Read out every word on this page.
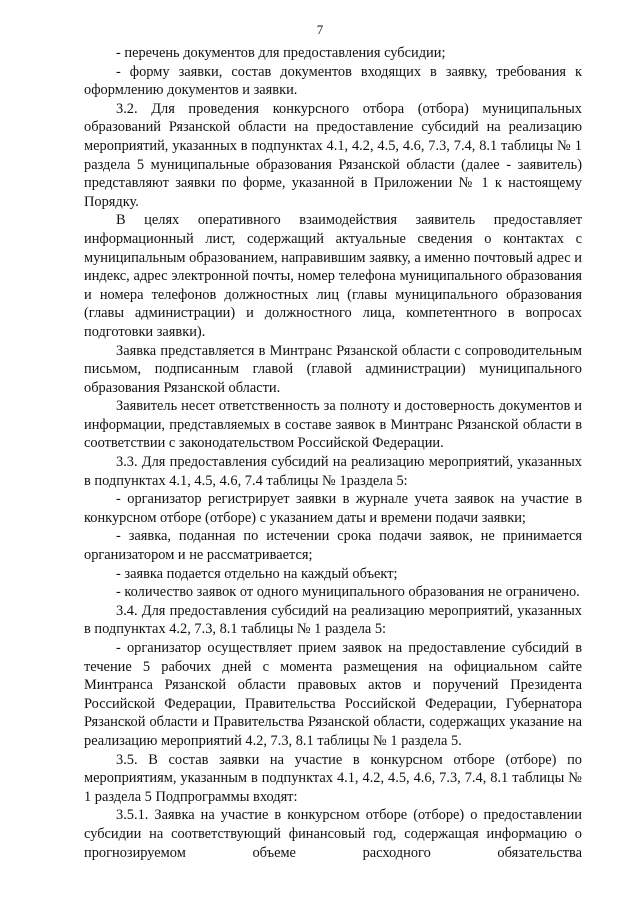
7

- перечень документов для предоставления субсидии;

- форму заявки, состав документов входящих в заявку, требования к оформлению документов и заявки.

3.2. Для проведения конкурсного отбора (отбора) муниципальных образований Рязанской области на предоставление субсидий на реализацию мероприятий, указанных в подпунктах 4.1, 4.2, 4.5, 4.6, 7.3, 7.4, 8.1 таблицы № 1 раздела 5 муниципальные образования Рязанской области (далее - заявитель) представляют заявки по форме, указанной в Приложении № 1 к настоящему Порядку.

В целях оперативного взаимодействия заявитель предоставляет информационный лист, содержащий актуальные сведения о контактах с муниципальным образованием, направившим заявку, а именно почтовый адрес и индекс, адрес электронной почты, номер телефона муниципального образования и номера телефонов должностных лиц (главы муниципального образования (главы администрации) и должностного лица, компетентного в вопросах подготовки заявки).

Заявка представляется в Минтранс Рязанской области с сопроводительным письмом, подписанным главой (главой администрации) муниципального образования Рязанской области.

Заявитель несет ответственность за полноту и достоверность документов и информации, представляемых в составе заявок в Минтранс Рязанской области в соответствии с законодательством Российской Федерации.

3.3. Для предоставления субсидий на реализацию мероприятий, указанных в подпунктах 4.1, 4.5, 4.6, 7.4 таблицы № 1раздела 5:

- организатор регистрирует заявки в журнале учета заявок на участие в конкурсном отборе (отборе) с указанием даты и времени подачи заявки;

- заявка, поданная по истечении срока подачи заявок, не принимается организатором и не рассматривается;

- заявка подается отдельно на каждый объект;

- количество заявок от одного муниципального образования не ограничено.

3.4. Для предоставления субсидий на реализацию мероприятий, указанных в подпунктах 4.2, 7.3, 8.1 таблицы № 1 раздела 5:

- организатор осуществляет прием заявок на предоставление субсидий в течение 5 рабочих дней с момента размещения на официальном сайте Минтранса Рязанской области правовых актов и поручений Президента Российской Федерации, Правительства Российской Федерации, Губернатора Рязанской области и Правительства Рязанской области, содержащих указание на реализацию мероприятий 4.2, 7.3, 8.1 таблицы № 1 раздела 5.

3.5. В состав заявки на участие в конкурсном отборе (отборе) по мероприятиям, указанным в подпунктах 4.1, 4.2, 4.5, 4.6, 7.3, 7.4, 8.1 таблицы № 1 раздела 5 Подпрограммы входят:

3.5.1. Заявка на участие в конкурсном отборе (отборе) о предоставлении субсидии на соответствующий финансовый год, содержащая информацию о прогнозируемом объеме расходного обязательства
